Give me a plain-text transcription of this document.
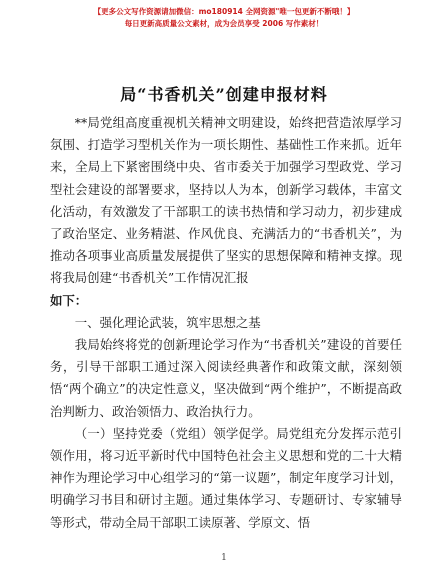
【更多公文写作资源请加微信：mo180914 全网资源"唯一包更新不断哦！】
每日更新高质量公文素材，成为会员享受 2006 写作素材！
局“书香机关”创建申报材料

**局党组高度重视机关精神文明建设，始终把营造浓厚学习氛围、打造学习型机关作为一项长期性、基础性工作来抓。近年来，全局上下紧密围绕中央、省市委关于加强学习型政党、学习型社会建设的部署要求，坚持以人为本，创新学习载体，丰富文化活动，有效激发了干部职工的读书热情和学习动力，初步建成了政治坚定、业务精湛、作风优良、充满活力的“书香机关”，为推动各项事业高质量发展提供了坚实的思想保障和精神支撑。现将我局创建“书香机关”工作情况汇报

如下：

一、强化理论武装，筑牢思想之基

我局始终将党的创新理论学习作为“书香机关”建设的首要任务，引导干部职工通过深入阅读经典著作和政策文献，深刻领悟“两个确立”的决定性意义，坚决做到“两个维护”，不断提高政治判断力、政治领悟力、政治执行力。

（一）坚持党委（党组）领学促学。局党组充分发挥示范引领作用，将习近平新时代中国特色社会主义思想和党的二十大精神作为理论学习中心组学习的“第一议题”，制定年度学习计划，明确学习书目和研讨主题。通过集体学习、专题研讨、专家辅导等形式，带动全局干部职工读原著、学原文、悟

1
